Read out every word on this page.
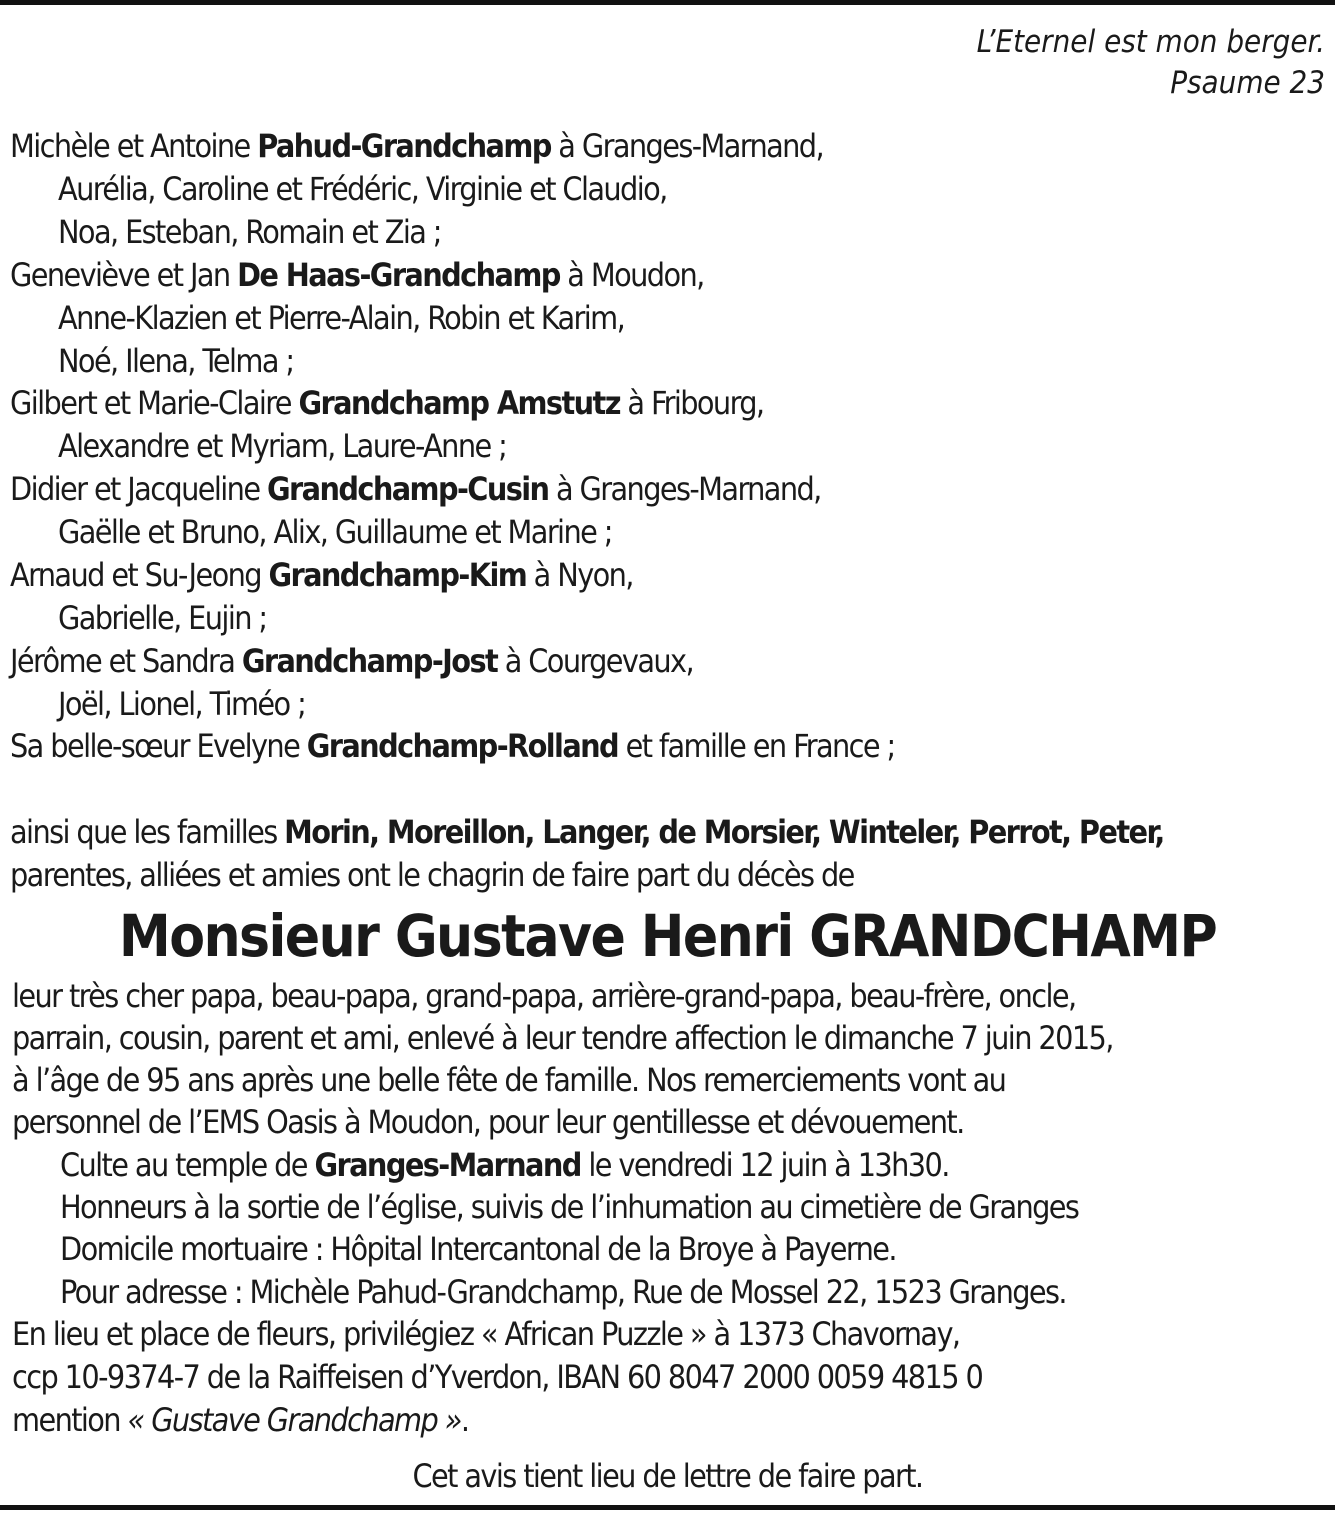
L’Eternel est mon berger.
Psaume 23
Michèle et Antoine Pahud-Grandchamp à Granges-Marnand,
Aurélia, Caroline et Frédéric, Virginie et Claudio,
Noa, Esteban, Romain et Zia ;
Geneviève et Jan De Haas-Grandchamp à Moudon,
Anne-Klazien et Pierre-Alain, Robin et Karim,
Noé, Ilena, Telma ;
Gilbert et Marie-Claire Grandchamp Amstutz à Fribourg,
Alexandre et Myriam, Laure-Anne ;
Didier et Jacqueline Grandchamp-Cusin à Granges-Marnand,
Gaëlle et Bruno, Alix, Guillaume et Marine ;
Arnaud et Su-Jeong Grandchamp-Kim à Nyon,
Gabrielle, Eujin ;
Jérôme et Sandra Grandchamp-Jost à Courgevaux,
Joël, Lionel, Timéo ;
Sa belle-sœur Evelyne Grandchamp-Rolland et famille en France ;
ainsi que les familles Morin, Moreillon, Langer, de Morsier, Winteler, Perrot, Peter,
parentes, alliées et amies ont le chagrin de faire part du décès de
Monsieur Gustave Henri GRANDCHAMP
leur très cher papa, beau-papa, grand-papa, arrière-grand-papa, beau-frère, oncle,
parrain, cousin, parent et ami, enlevé à leur tendre affection le dimanche 7 juin 2015,
à l’âge de 95 ans après une belle fête de famille. Nos remerciements vont au
personnel de l’EMS Oasis à Moudon, pour leur gentillesse et dévouement.
Culte au temple de Granges-Marnand le vendredi 12 juin à 13h30.
Honneurs à la sortie de l’église, suivis de l’inhumation au cimetière de Granges
Domicile mortuaire : Hôpital Intercantonal de la Broye à Payerne.
Pour adresse : Michèle Pahud-Grandchamp, Rue de Mossel 22, 1523 Granges.
En lieu et place de fleurs, privilégiez « African Puzzle » à 1373 Chavornay,
ccp 10-9374-7 de la Raiffeisen d’Yverdon, IBAN 60 8047 2000 0059 4815 0
mention « Gustave Grandchamp ».
Cet avis tient lieu de lettre de faire part.
